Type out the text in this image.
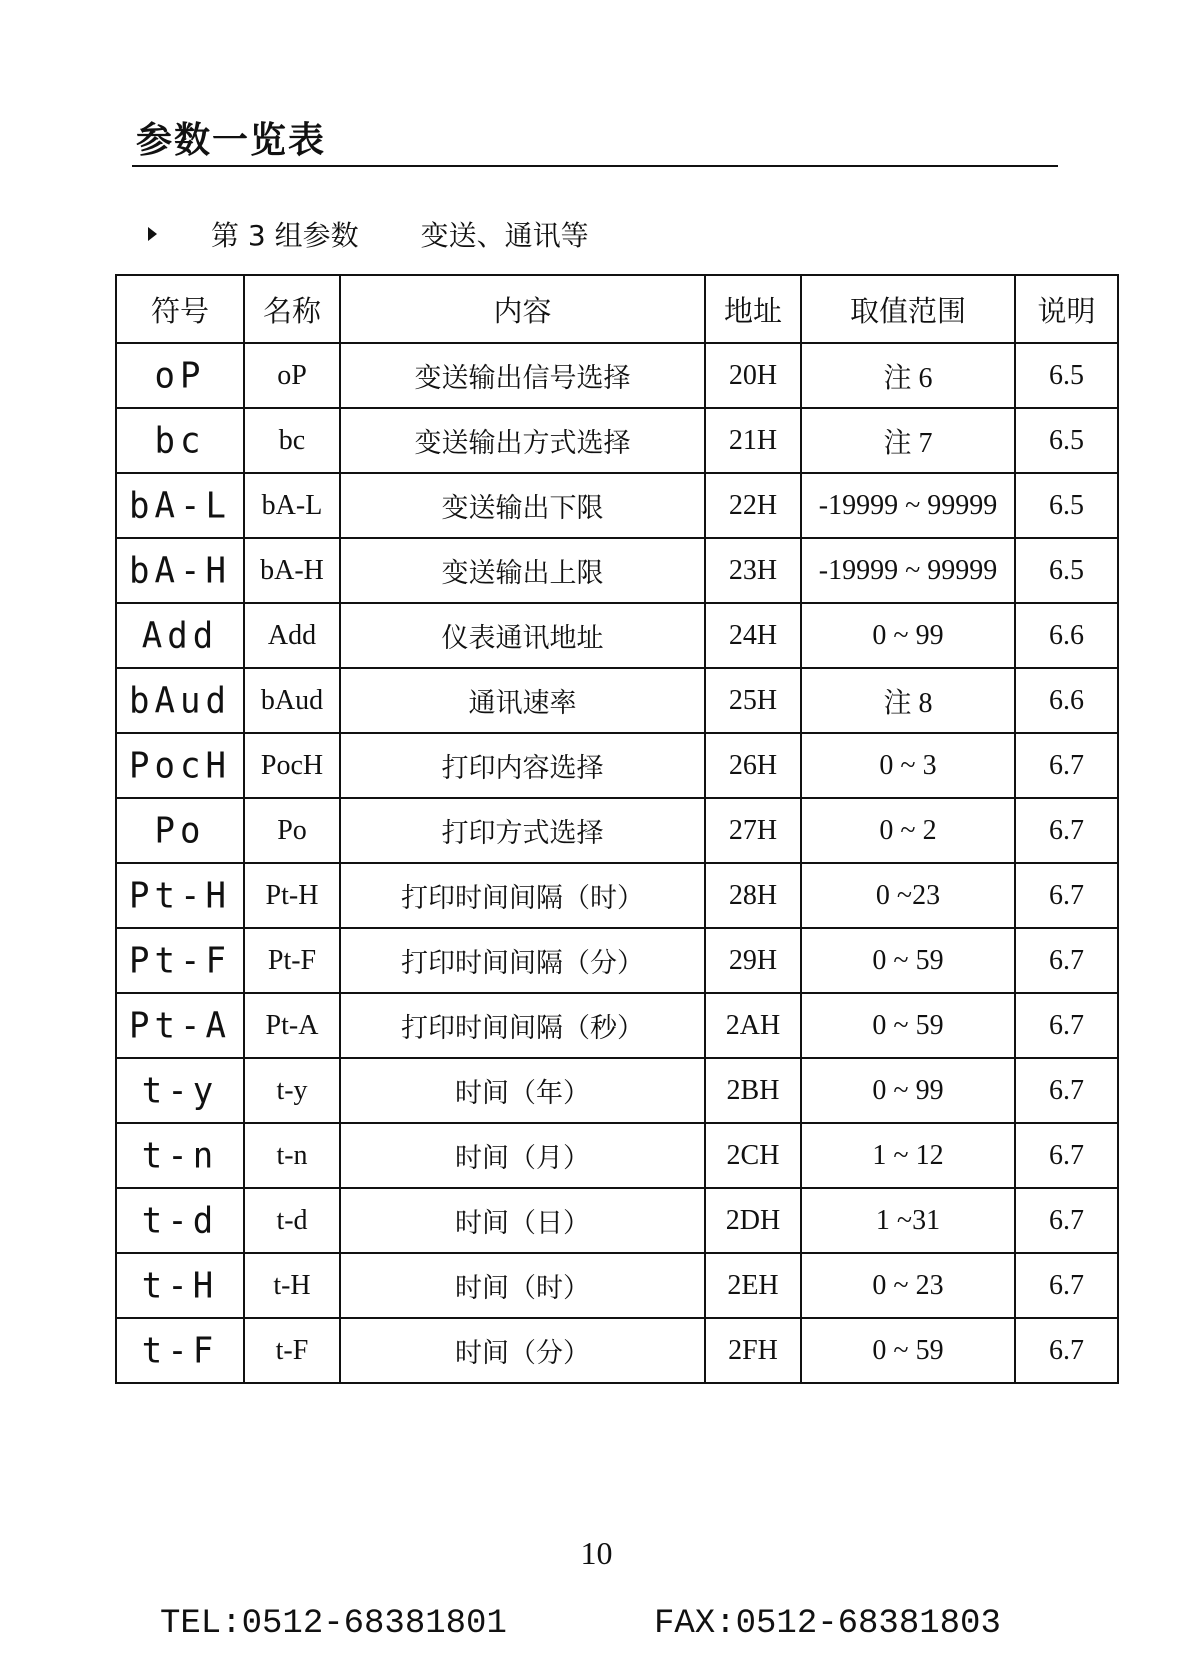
参数一览表
第 3 组参数 变送、通讯等
符号	名称	内容	地址	取值范围	说明
oP	oP	变送输出信号选择	20H	注 6	6.5
bc	bc	变送输出方式选择	21H	注 7	6.5
bA-L	bA-L	变送输出下限	22H	-19999 ~ 99999	6.5
bA-H	bA-H	变送输出上限	23H	-19999 ~ 99999	6.5
Add	Add	仪表通讯地址	24H	0 ~ 99	6.6
bAud	bAud	通讯速率	25H	注 8	6.6
PocH	PocH	打印内容选择	26H	0 ~ 3	6.7
Po	Po	打印方式选择	27H	0 ~ 2	6.7
Pt-H	Pt-H	打印时间间隔（时）	28H	0 ~23	6.7
Pt-F	Pt-F	打印时间间隔（分）	29H	0 ~ 59	6.7
Pt-A	Pt-A	打印时间间隔（秒）	2AH	0 ~ 59	6.7
t-y	t-y	时间（年）	2BH	0 ~ 99	6.7
t-n	t-n	时间（月）	2CH	1 ~ 12	6.7
t-d	t-d	时间（日）	2DH	1 ~31	6.7
t-H	t-H	时间（时）	2EH	0 ~ 23	6.7
t-F	t-F	时间（分）	2FH	0 ~ 59	6.7
10
TEL:0512-68381801	FAX:0512-68381803
